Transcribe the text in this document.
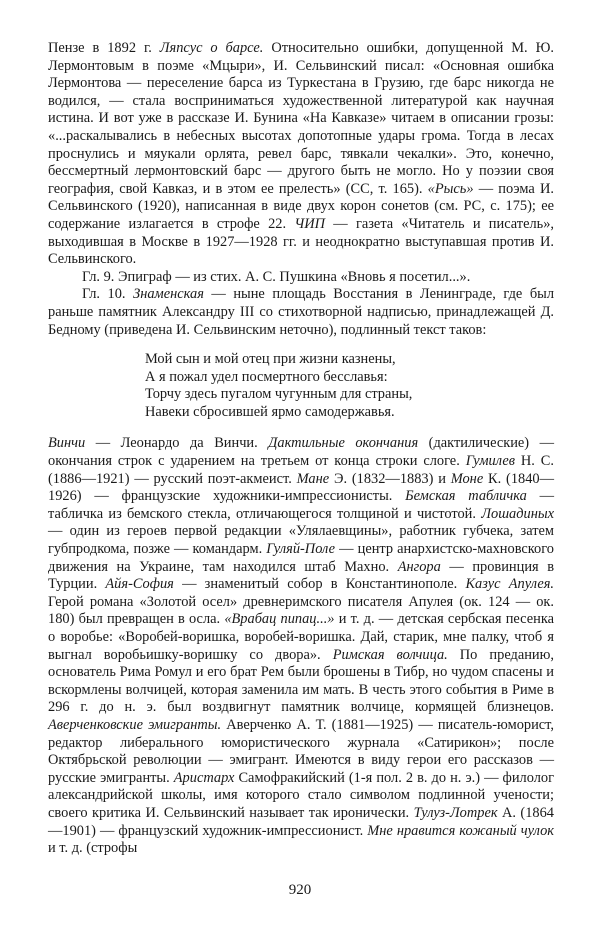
Пензе в 1892 г. Ляпсус о барсе. Относительно ошибки, допущенной М. Ю. Лермонтовым в поэме «Мцыри», И. Сельвинский писал: «Основная ошибка Лермонтова — переселение барса из Туркестана в Грузию, где барс никогда не водился, — стала восприниматься художественной литературой как научная истина. И вот уже в рассказе И. Бунина «На Кавказе» читаем в описании грозы: «...раскалывались в небесных высотах допотопные удары грома. Тогда в лесах проснулись и мяукали орлята, ревел барс, тявкали чекалки». Это, конечно, бессмертный лермонтовский барс — другого быть не могло. Но у поэзии своя география, свой Кавказ, и в этом ее прелесть» (СС, т. 165). «Рысь» — поэма И. Сельвинского (1920), написанная в виде двух корон сонетов (см. РС, с. 175); ее содержание излагается в строфе 22. ЧИП — газета «Читатель и писатель», выходившая в Москве в 1927—1928 гг. и неоднократно выступавшая против И. Сельвинского.

Гл. 9. Эпиграф — из стих. А. С. Пушкина «Вновь я посетил...».

Гл. 10. Знаменская — ныне площадь Восстания в Ленинграде, где был раньше памятник Александру III со стихотворной надписью, принадлежащей Д. Бедному (приведена И. Сельвинским неточно), подлинный текст таков:

Мой сын и мой отец при жизни казнены,
А я пожал удел посмертного бесславья:
Торчу здесь пугалом чугунным для страны,
Навеки сбросившей ярмо самодержавья.

Винчи — Леонардо да Винчи. Дактильные окончания (дактилические) — окончания строк с ударением на третьем от конца строки слоге. Гумилев Н. С. (1886—1921) — русский поэт-акмеист. Мане Э. (1832—1883) и Моне К. (1840—1926) — французские художники-импрессионисты. Бемская табличка — табличка из бемского стекла, отличающегося толщиной и чистотой. Лошадиных — один из героев первой редакции «Улялаевщины», работник губчека, затем губпродкома, позже — командарм. Гуляй-Поле — центр анархистско-махновского движения на Украине, там находился штаб Махно. Ангора — провинция в Турции. Айя-София — знаменитый собор в Константинополе. Казус Апулея. Герой романа «Золотой осел» древнеримского писателя Апулея (ок. 124 — ок. 180) был превращен в осла. «Врабац пипац...» и т. д. — детская сербская песенка о воробье: «Воробей-воришка, воробей-воришка. Дай, старик, мне палку, чтоб я выгнал воробьишку-воришку со двора». Римская волчица. По преданию, основатель Рима Ромул и его брат Рем были брошены в Тибр, но чудом спасены и вскормлены волчицей, которая заменила им мать. В честь этого события в Риме в 296 г. до н. э. был воздвигнут памятник волчице, кормящей близнецов. Аверченковские эмигранты. Аверченко А. Т. (1881—1925) — писатель-юморист, редактор либерального юмористического журнала «Сатирикон»; после Октябрьской революции — эмигрант. Имеются в виду герои его рассказов — русские эмигранты. Аристарх Самофракийский (1-я пол. 2 в. до н. э.) — филолог александрийской школы, имя которого стало символом подлинной учености; своего критика И. Сельвинский называет так иронически. Тулуз-Лотрек А. (1864—1901) — французский художник-импрессионист. Мне нравится кожаный чулок и т. д. (строфы

920
